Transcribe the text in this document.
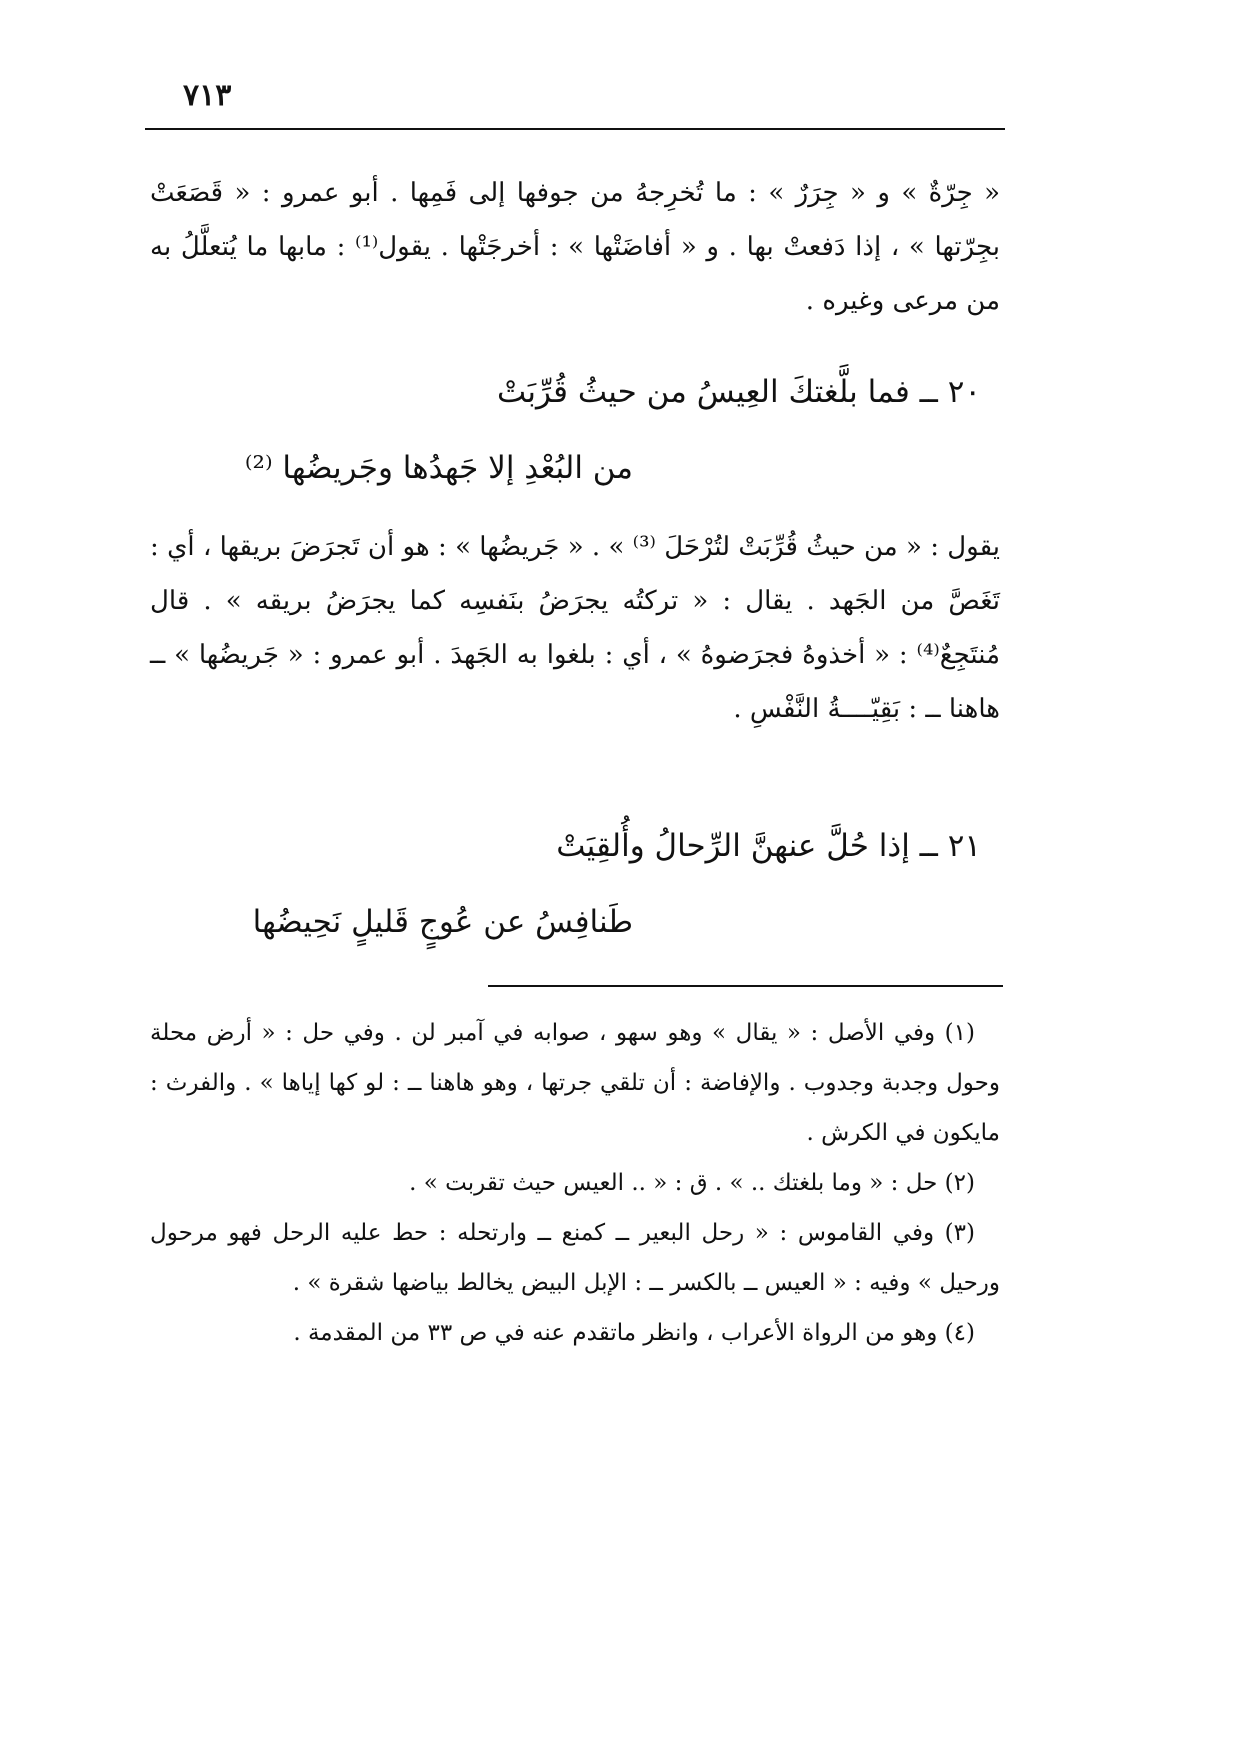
٧١٣
« جِرّةٌ » و « جِرَرٌ » : ما تُخرِجهُ من جوفها إلى فَمِها . أبو عمرو : « قَصَعَتْ بجِرّتها » ، إذا دَفعتْ بها . و « أفاضَتْها » : أخرجَتْها . يقول⁽¹⁾ : مابها ما يُتعلَّلُ به من مرعى وغيره .
٢٠ ــ فما بلَّغتكَ العِيسُ من حيثُ قُرِّبَتْ
من البُعْدِ إلا جَهدُها وجَريضُها ⁽²⁾
يقول : « من حيثُ قُرِّبَتْ لتُرْحَلَ ⁽³⁾ » . « جَريضُها » : هو أن تَجرَضَ بريقها ، أي : تَغَصَّ من الجَهد . يقال : « تركتُه يجرَضُ بنَفسِه كما يجرَضُ بريقه » . قال مُنتَجِعٌ⁽⁴⁾ : « أخذوهُ فجرَضوهُ » ، أي : بلغوا به الجَهدَ . أبو عمرو : « جَريضُها » ــ هاهنا ــ : بَقِيّــــةُ النَّفْسِ .
٢١ ــ إذا حُلَّ عنهنَّ الرِّحالُ وأُلقِيَتْ
طَنافِسُ عن عُوجٍ قَليلٍ نَحِيضُها

(١) وفي الأصل : « يقال » وهو سهو ، صوابه في آمبر لن . وفي حل : « أرض محلة وحول وجدبة وجدوب . والإفاضة : أن تلقي جرتها ، وهو هاهنا ــ : لو كها إياها » . والفرث : مايكون في الكرش .

(٢) حل : « وما بلغتك .. » . ق : « .. العيس حيث تقربت » .

(٣) وفي القاموس : « رحل البعير ــ كمنع ــ وارتحله : حط عليه الرحل فهو مرحول ورحيل » وفيه : « العيس ــ بالكسر ــ : الإبل البيض يخالط بياضها شقرة » .

(٤) وهو من الرواة الأعراب ، وانظر ماتقدم عنه في ص ٣٣ من المقدمة .
